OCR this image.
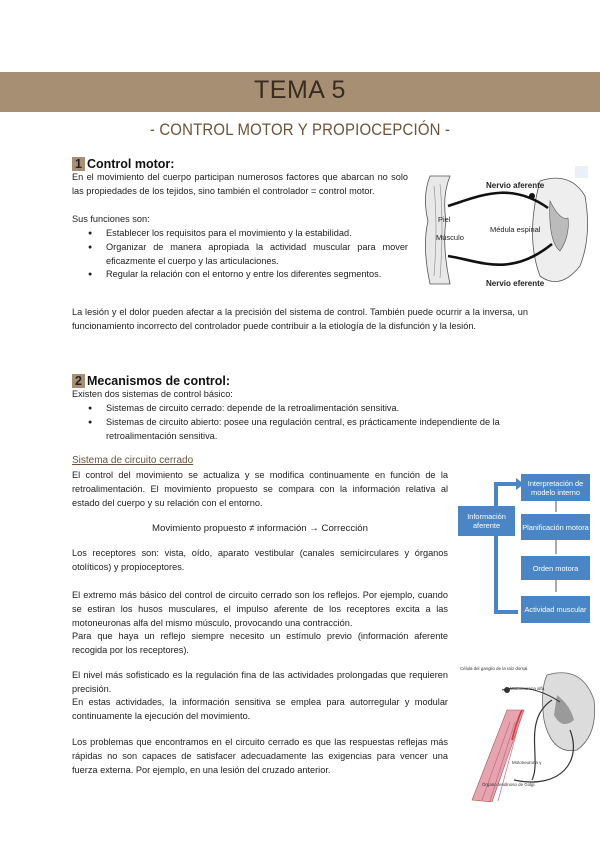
TEMA 5
- CONTROL MOTOR Y PROPIOCEPCIÓN -
1 Control motor:
En el movimiento del cuerpo participan numerosos factores que abarcan no solo las propiedades de los tejidos, sino también el controlador = control motor.
Sus funciones son:
● Establecer los requisitos para el movimiento y la estabilidad.
● Organizar de manera apropiada la actividad muscular para mover eficazmente el cuerpo y las articulaciones.
● Regular la relación con el entorno y entre los diferentes segmentos.
Nervio aferente
Piel
Médula espinal
Músculo
Nervio eferente
La lesión y el dolor pueden afectar a la precisión del sistema de control. También puede ocurrir a la inversa, un funcionamiento incorrecto del controlador puede contribuir a la etiología de la disfunción y la lesión.
2 Mecanismos de control:
Existen dos sistemas de control básico:
● Sistemas de circuito cerrado: depende de la retroalimentación sensitiva.
● Sistemas de circuito abierto: posee una regulación central, es prácticamente independiente de la retroalimentación sensitiva.
Sistema de circuito cerrado
El control del movimiento se actualiza y se modifica continuamente en función de la retroalimentación. El movimiento propuesto se compara con la información relativa al estado del cuerpo y su relación con el entorno.
Movimiento propuesto ≠ información → Corrección
Los receptores son: vista, oído, aparato vestibular (canales semicirculares y órganos otolíticos) y propioceptores.
El extremo más básico del control de circuito cerrado son los reflejos. Por ejemplo, cuando se estiran los husos musculares, el impulso aferente de los receptores excita a las motoneuronas alfa del mismo músculo, provocando una contracción.
Para que haya un reflejo siempre necesito un estímulo previo (información aferente recogida por los receptores).
El nivel más sofisticado es la regulación fina de las actividades prolongadas que requieren precisión.
En estas actividades, la información sensitiva se emplea para autorregular y modular continuamente la ejecución del movimiento.
Los problemas que encontramos en el circuito cerrado es que las respuestas reflejas más rápidas no son capaces de satisfacer adecuadamente las exigencias para vencer una fuerza externa. Por ejemplo, en una lesión del cruzado anterior.
Interpretación de modelo interno
Planificación motora
Orden motora
Actividad muscular
Información aferente
Célula del ganglio de la raíz dorsal
Motoneurona alfa
Motoneurona γ
Órgano tendinoso de Golgi
